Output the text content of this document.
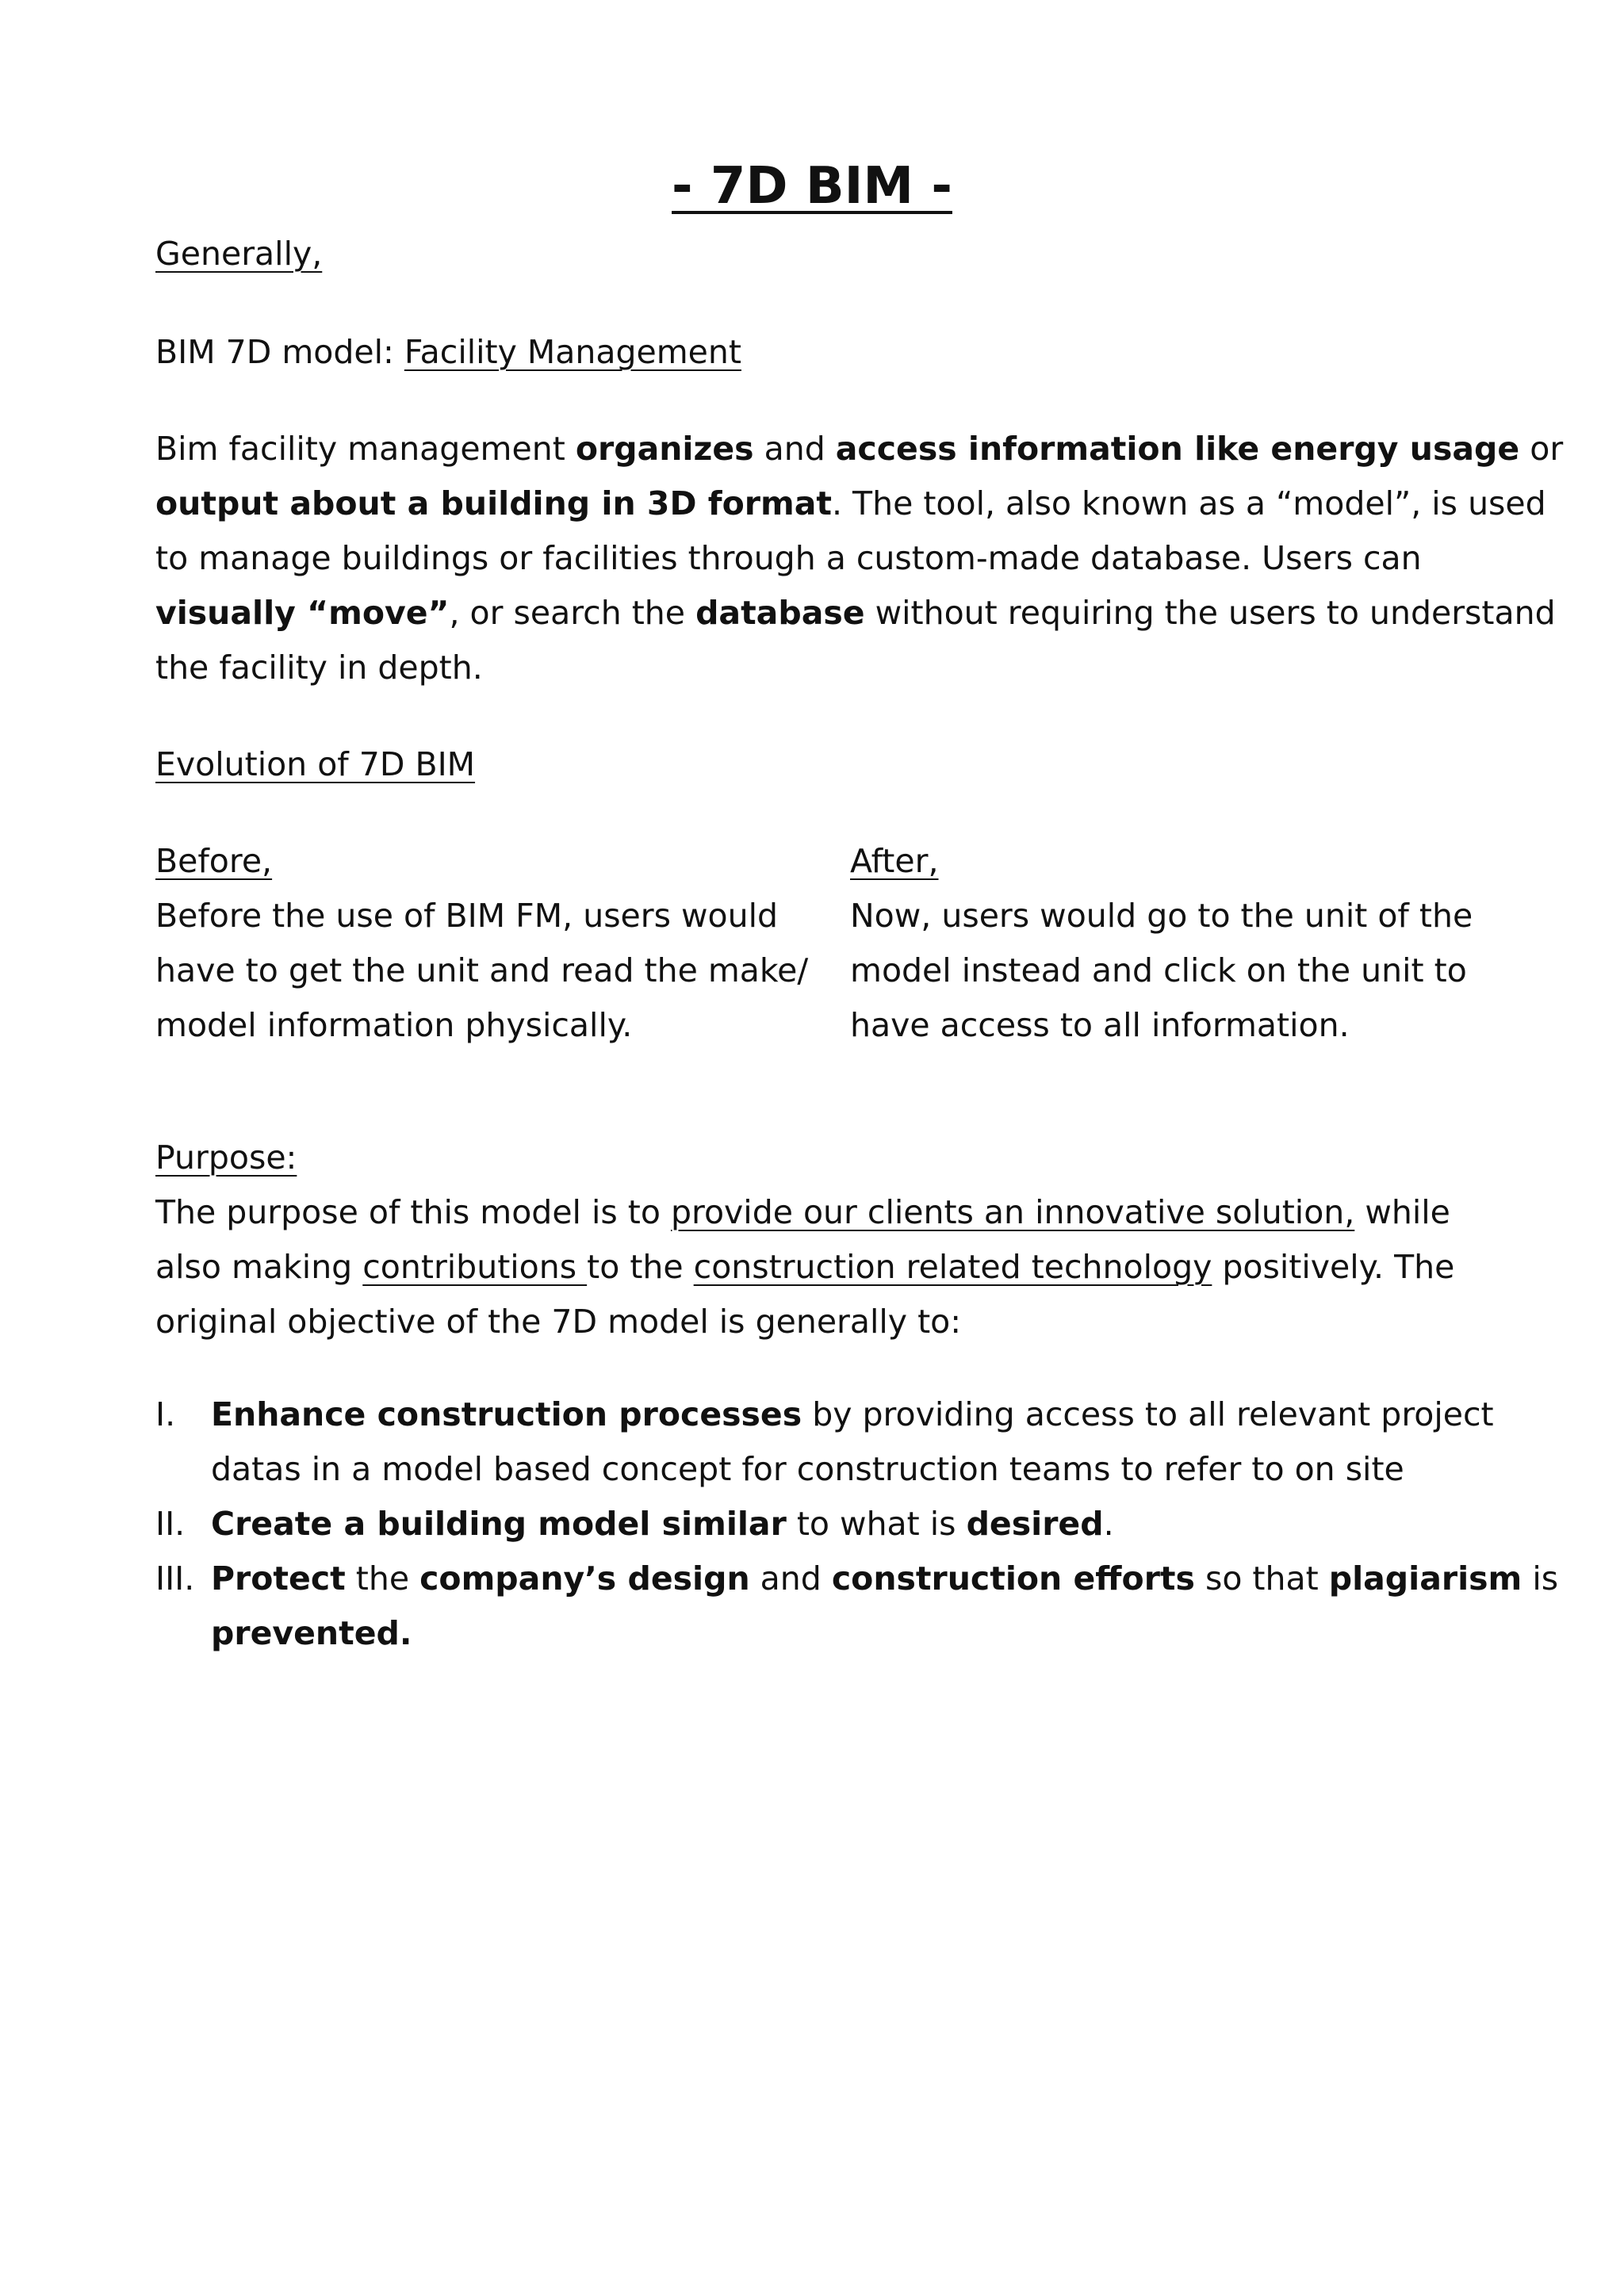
- 7D BIM -
Generally,
BIM 7D model: Facility Management
Bim facility management organizes and access information like energy usage or
output about a building in 3D format. The tool, also known as a “model”, is used
to manage buildings or facilities through a custom-made database. Users can
visually “move”, or search the database without requiring the users to understand
the facility in depth.
Evolution of 7D BIM
Before,
Before the use of BIM FM, users would
have to get the unit and read the make/
model information physically.
After,
Now, users would go to the unit of the
model instead and click on the unit to
have access to all information.
Purpose:
The purpose of this model is to provide our clients an innovative solution, while
also making contributions to the construction related technology positively. The
original objective of the 7D model is generally to:
I. Enhance construction processes by providing access to all relevant project
datas in a model based concept for construction teams to refer to on site
II. Create a building model similar to what is desired.
III. Protect the company’s design and construction efforts so that plagiarism is
prevented.
